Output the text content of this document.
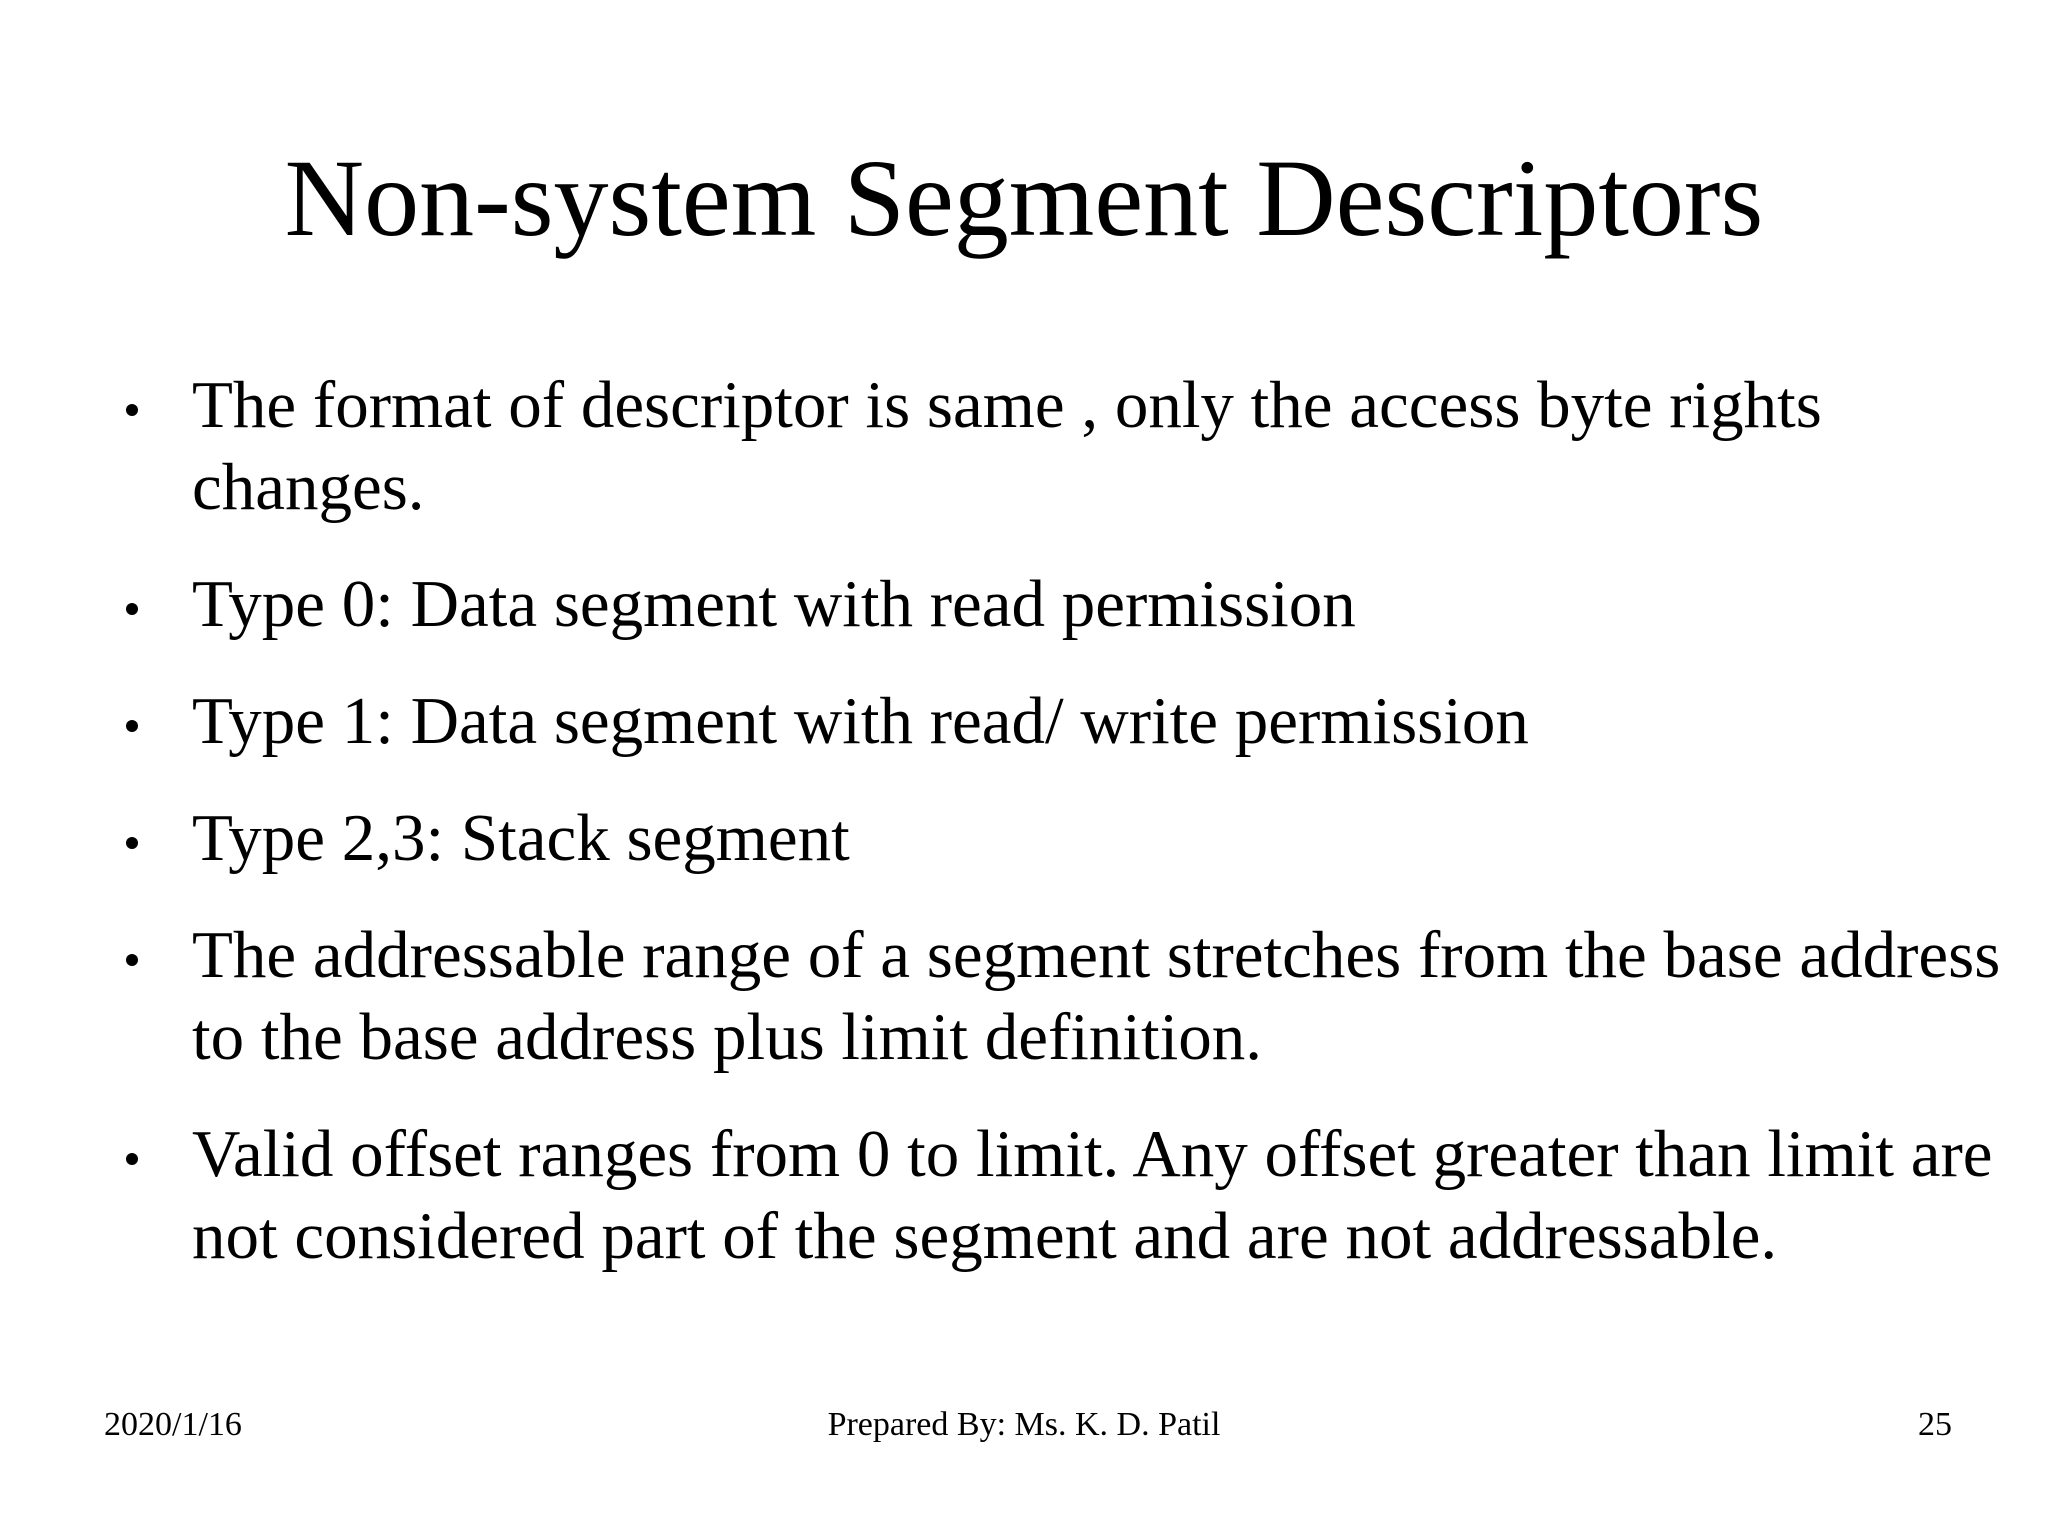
Non-system Segment Descriptors
The format of descriptor is same , only the access byte rights changes.
Type 0: Data segment with read permission
Type 1: Data segment with read/ write permission
Type 2,3: Stack segment
The addressable range of a segment stretches from the base address to the base address plus limit definition.
Valid offset ranges from 0 to limit. Any offset greater than limit are not considered part of the segment and are not addressable.
2020/1/16	Prepared By: Ms. K. D. Patil	25
